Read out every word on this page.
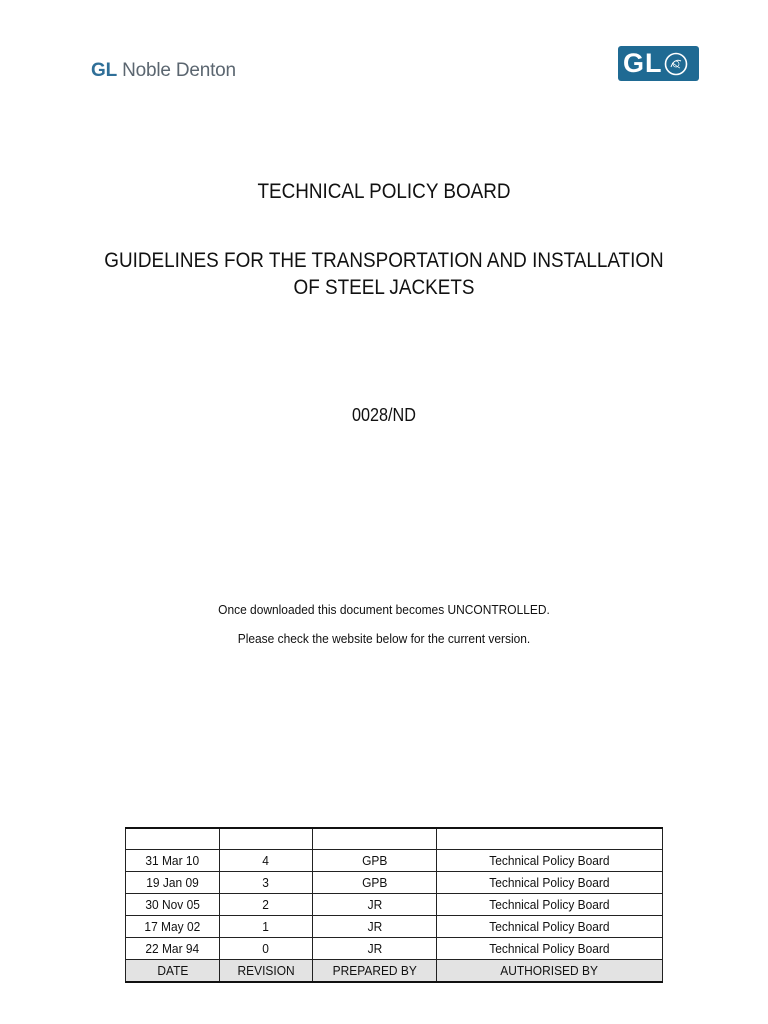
GL Noble Denton	GL
TECHNICAL POLICY BOARD
GUIDELINES FOR THE TRANSPORTATION AND INSTALLATION
OF STEEL JACKETS
0028/ND
Once downloaded this document becomes UNCONTROLLED.
Please check the website below for the current version.

31 Mar 10	4	GPB	Technical Policy Board
19 Jan 09	3	GPB	Technical Policy Board
30 Nov 05	2	JR	Technical Policy Board
17 May 02	1	JR	Technical Policy Board
22 Mar 94	0	JR	Technical Policy Board
DATE	REVISION	PREPARED BY	AUTHORISED BY
